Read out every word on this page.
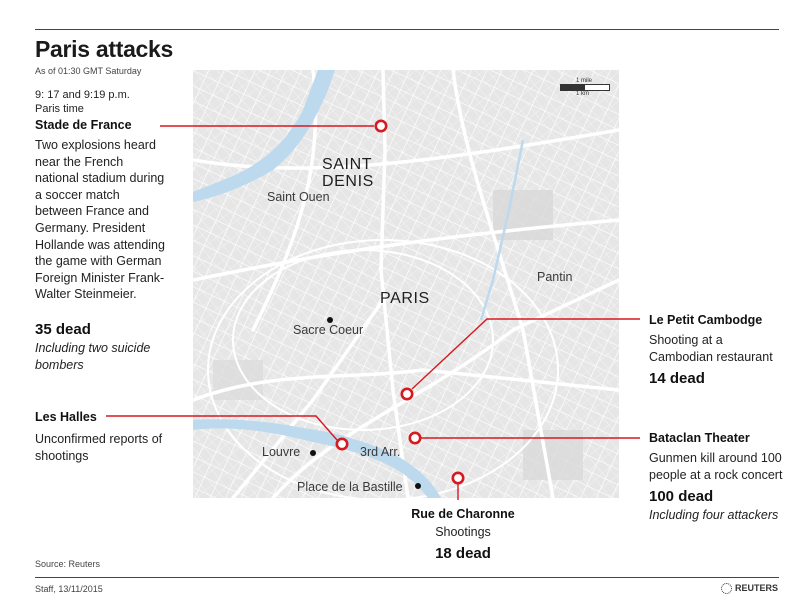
Paris attacks
As of 01:30 GMT Saturday
SAINT DENIS
Saint Ouen
PARIS
Pantin
Sacre Coeur
Louvre	3rd Arr.
Place de la Bastille
1 mile
1 km
9: 17 and 9:19 p.m.
Paris time
Stade de France
Two explosions heard near the French national stadium during a soccer match between France and Germany. President Hollande was attending the game with German Foreign Minister Frank-Walter Steinmeier.
35 dead
Including two suicide bombers
Les Halles
Unconfirmed reports of shootings
Le Petit Cambodge
Shooting at a Cambodian restaurant
14 dead
Bataclan Theater
Gunmen kill around 100 people at a rock concert
100 dead
Including four attackers
Rue de Charonne
Shootings
18 dead
Source: Reuters
Staff, 13/11/2015	REUTERS
